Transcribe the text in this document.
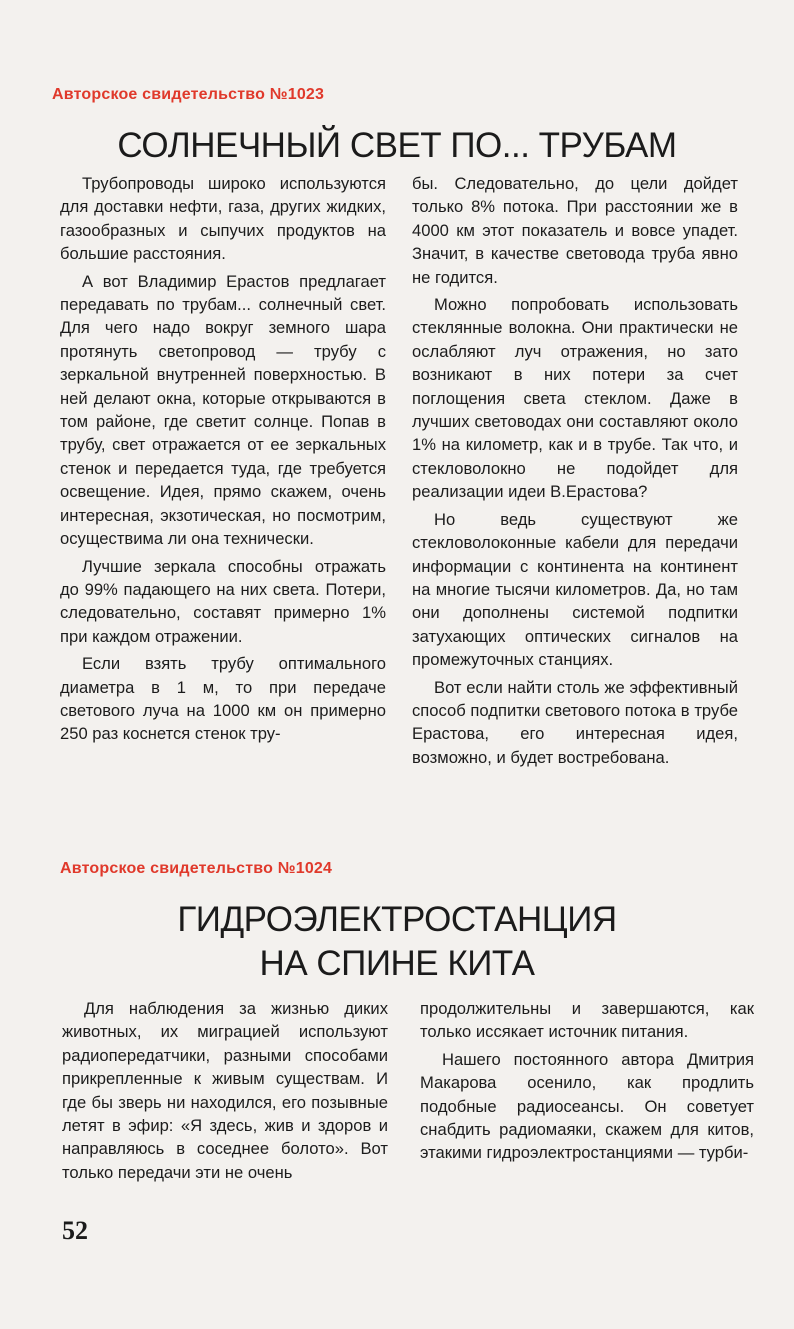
Авторское свидетельство №1023
СОЛНЕЧНЫЙ СВЕТ ПО... ТРУБАМ

Трубопроводы широко используются для доставки нефти, газа, других жидких, газообразных и сыпучих продуктов на большие расстояния.

А вот Владимир Ерастов предлагает передавать по трубам... солнечный свет. Для чего надо вокруг земного шара протянуть светопровод — трубу с зеркальной внутренней поверхностью. В ней делают окна, которые открываются в том районе, где светит солнце. Попав в трубу, свет отражается от ее зеркальных стенок и передается туда, где требуется освещение. Идея, прямо скажем, очень интересная, экзотическая, но посмотрим, осуществима ли она технически.

Лучшие зеркала способны отражать до 99% падающего на них света. Потери, следовательно, составят примерно 1% при каждом отражении.

Если взять трубу оптимального диаметра в 1 м, то при передаче светового луча на 1000 км он примерно 250 раз коснется стенок тру-

бы. Следовательно, до цели дойдет только 8% потока. При расстоянии же в 4000 км этот показатель и вовсе упадет. Значит, в качестве световода труба явно не годится.

Можно попробовать использовать стеклянные волокна. Они практически не ослабляют луч отражения, но зато возникают в них потери за счет поглощения света стеклом. Даже в лучших световодах они составляют около 1% на километр, как и в трубе. Так что, и стекловолокно не подойдет для реализации идеи В.Ерастова?

Но ведь существуют же стекловолоконные кабели для передачи информации с континента на континент на многие тысячи километров. Да, но там они дополнены системой подпитки затухающих оптических сигналов на промежуточных станциях.

Вот если найти столь же эффективный способ подпитки светового потока в трубе Ерастова, его интересная идея, возможно, и будет востребована.

Авторское свидетельство №1024
ГИДРОЭЛЕКТРОСТАНЦИЯ
НА СПИНЕ КИТА

Для наблюдения за жизнью диких животных, их миграцией используют радиопередатчики, разными способами прикрепленные к живым существам. И где бы зверь ни находился, его позывные летят в эфир: «Я здесь, жив и здоров и направляюсь в соседнее болото». Вот только передачи эти не очень

продолжительны и завершаются, как только иссякает источник питания.

Нашего постоянного автора Дмитрия Макарова осенило, как продлить подобные радиосеансы. Он советует снабдить радиомаяки, скажем для китов, этакими гидроэлектростанциями — турби-

52
